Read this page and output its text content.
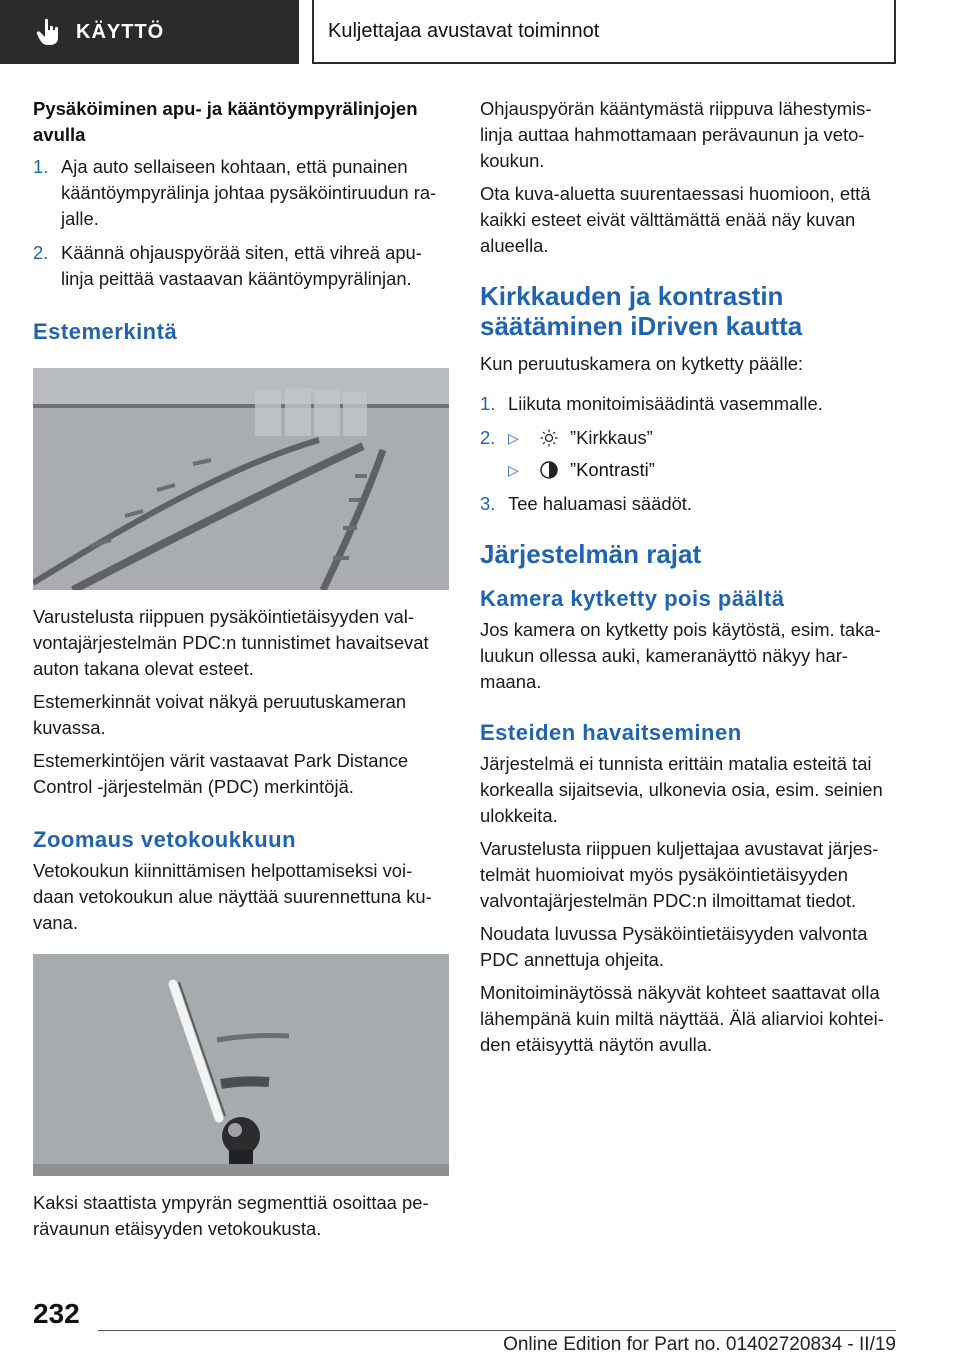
KÄYTTÖ	Kuljettajaa avustavat toiminnot
Pysäköiminen apu- ja kääntöympyrälinjojen avulla
1. Aja auto sellaiseen kohtaan, että punainen kääntöympyrälinja johtaa pysäköintiruudun ra- jalle.
2. Käännä ohjauspyörää siten, että vihreä apu- linja peittää vastaavan kääntöympyrälinjan.
Estemerkintä

Varustelusta riippuen pysäköintietäisyyden val- vontajärjestelmän PDC:n tunnistimet havaitsevat auton takana olevat esteet.

Estemerkinnät voivat näkyä peruutuskameran kuvassa.

Estemerkintöjen värit vastaavat Park Distance Control -järjestelmän (PDC) merkintöjä.

Zoomaus vetokoukkuun

Vetokoukun kiinnittämisen helpottamiseksi voi- daan vetokoukun alue näyttää suurennettuna ku- vana.

Kaksi staattista ympyrän segmenttiä osoittaa pe- rävaunun etäisyyden vetokoukusta.

Ohjauspyörän kääntymästä riippuva lähestymis- linja auttaa hahmottamaan perävaunun ja veto- koukun.

Ota kuva-aluetta suurentaessasi huomioon, että kaikki esteet eivät välttämättä enää näy kuvan alueella.

Kirkkauden ja kontrastin säätäminen iDriven kautta

Kun peruutuskamera on kytketty päälle:

1. Liikuta monitoimisäädintä vasemmalle.
2. ▷	”Kirkkaus”
▷	”Kontrasti”
3. Tee haluamasi säädöt.
Järjestelmän rajat
Kamera kytketty pois päältä

Jos kamera on kytketty pois käytöstä, esim. taka- luukun ollessa auki, kameranäyttö näkyy har- maana.

Esteiden havaitseminen

Järjestelmä ei tunnista erittäin matalia esteitä tai korkealla sijaitsevia, ulkonevia osia, esim. seinien ulokkeita.

Varustelusta riippuen kuljettajaa avustavat järjes- telmät huomioivat myös pysäköintietäisyyden valvontajärjestelmän PDC:n ilmoittamat tiedot.

Noudata luvussa Pysäköintietäisyyden valvonta PDC annettuja ohjeita.

Monitoiminäytössä näkyvät kohteet saattavat olla lähempänä kuin miltä näyttää. Älä aliarvioi kohtei- den etäisyyttä näytön avulla.

232
Online Edition for Part no. 01402720834 - II/19
